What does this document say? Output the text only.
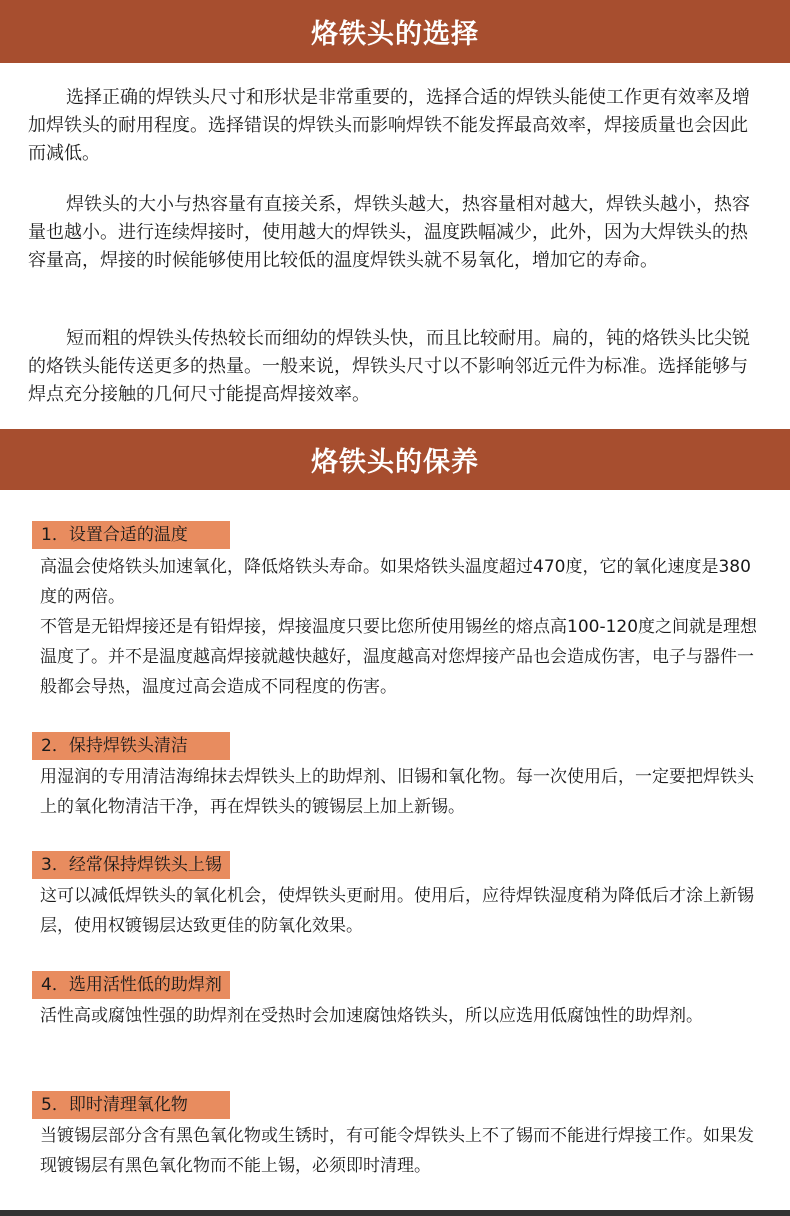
烙铁头的选择

选择正确的焊铁头尺寸和形状是非常重要的，选择合适的焊铁头能使工作更有效率及增加焊铁头的耐用程度。选择错误的焊铁头而影响焊铁不能发挥最高效率，焊接质量也会因此而减低。

焊铁头的大小与热容量有直接关系，焊铁头越大，热容量相对越大，焊铁头越小，热容量也越小。进行连续焊接时，使用越大的焊铁头，温度跌幅减少，此外，因为大焊铁头的热容量高，焊接的时候能够使用比较低的温度焊铁头就不易氧化，增加它的寿命。

短而粗的焊铁头传热较长而细幼的焊铁头快，而且比较耐用。扁的，钝的烙铁头比尖锐的烙铁头能传送更多的热量。一般来说，焊铁头尺寸以不影响邻近元件为标准。选择能够与焊点充分接触的几何尺寸能提高焊接效率。

烙铁头的保养
1．设置合适的温度

高温会使烙铁头加速氧化，降低烙铁头寿命。如果烙铁头温度超过470度，它的氧化速度是380度的两倍。

不管是无铅焊接还是有铅焊接，焊接温度只要比您所使用锡丝的熔点高100-120度之间就是理想温度了。并不是温度越高焊接就越快越好，温度越高对您焊接产品也会造成伤害，电子与器件一般都会导热，温度过高会造成不同程度的伤害。

2．保持焊铁头清洁

用湿润的专用清洁海绵抹去焊铁头上的助焊剂、旧锡和氧化物。每一次使用后，一定要把焊铁头上的氧化物清洁干净，再在焊铁头的镀锡层上加上新锡。

3．经常保持焊铁头上锡

这可以减低焊铁头的氧化机会，使焊铁头更耐用。使用后，应待焊铁湿度稍为降低后才涂上新锡层，使用权镀锡层达致更佳的防氧化效果。

4．选用活性低的助焊剂

活性高或腐蚀性强的助焊剂在受热时会加速腐蚀烙铁头，所以应选用低腐蚀性的助焊剂。

5．即时清理氧化物

当镀锡层部分含有黑色氧化物或生锈时，有可能令焊铁头上不了锡而不能进行焊接工作。如果发现镀锡层有黑色氧化物而不能上锡，必须即时清理。
